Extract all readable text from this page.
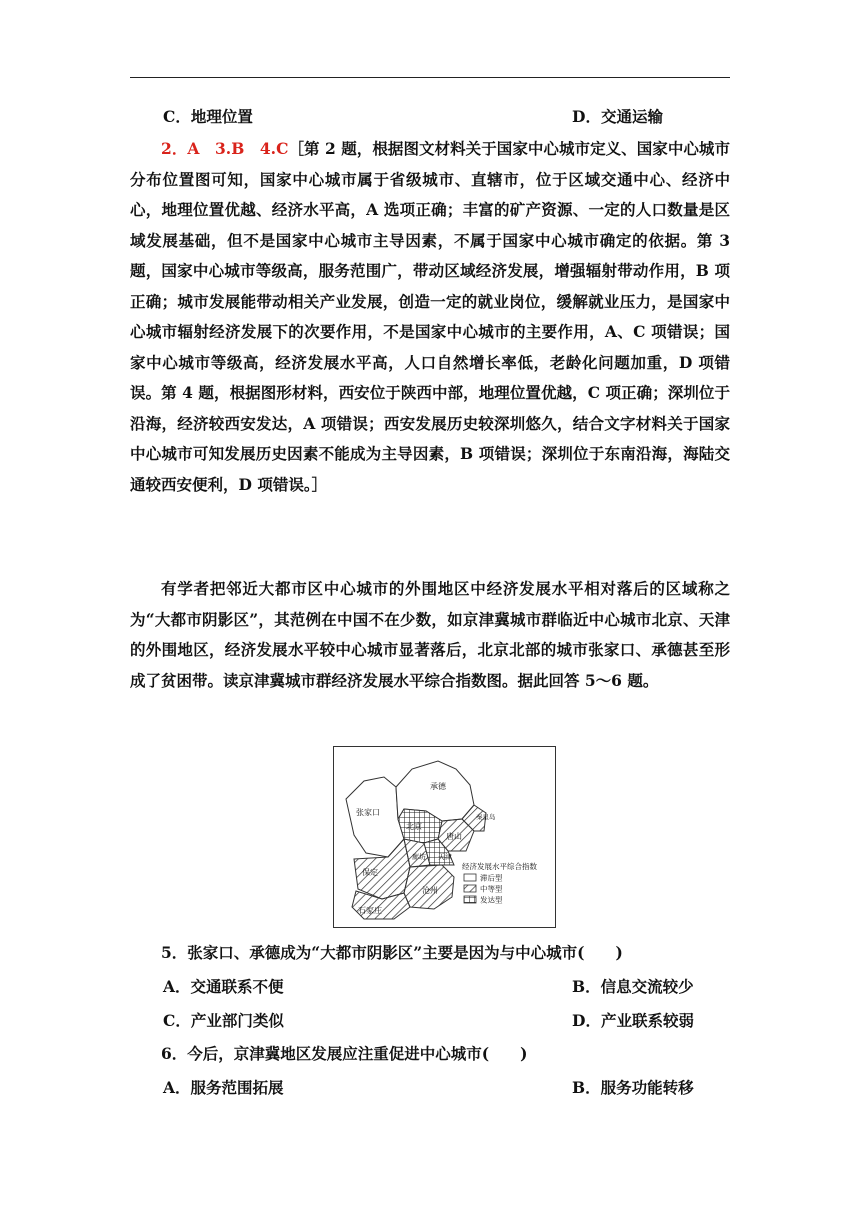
C．地理位置	D．交通运输
2．A　3.B　4.C［第 2 题，根据图文材料关于国家中心城市定义、国家中心城市分布位置图可知，国家中心城市属于省级城市、直辖市，位于区域交通中心、经济中心，地理位置优越、经济水平高，A 选项正确；丰富的矿产资源、一定的人口数量是区域发展基础，但不是国家中心城市主导因素，不属于国家中心城市确定的依据。第 3 题，国家中心城市等级高，服务范围广，带动区域经济发展，增强辐射带动作用，B 项正确；城市发展能带动相关产业发展，创造一定的就业岗位，缓解就业压力，是国家中心城市辐射经济发展下的次要作用，不是国家中心城市的主要作用，A、C 项错误；国家中心城市等级高，经济发展水平高，人口自然增长率低，老龄化问题加重，D 项错误。第 4 题，根据图形材料，西安位于陕西中部，地理位置优越，C 项正确；深圳位于沿海，经济较西安发达，A 项错误；西安发展历史较深圳悠久，结合文字材料关于国家中心城市可知发展历史因素不能成为主导因素，B 项错误；深圳位于东南沿海，海陆交通较西安便利，D 项错误。］
有学者把邻近大都市区中心城市的外围地区中经济发展水平相对落后的区域称之为“大都市阴影区”，其范例在中国不在少数，如京津冀城市群临近中心城市北京、天津的外围地区，经济发展水平较中心城市显著落后，北京北部的城市张家口、承德甚至形成了贫困带。读京津冀城市群经济发展水平综合指数图。据此回答 5～6 题。
张家口
承德
北京
唐山
秦皇岛
廊坊 天津
保定
沧州
石家庄
经济发展水平综合指数
滞后型
中等型
发达型
5．张家口、承德成为“大都市阴影区”主要是因为与中心城市(　　)
A．交通联系不便	B．信息交流较少
C．产业部门类似	D．产业联系较弱
6．今后，京津冀地区发展应注重促进中心城市(　　)
A．服务范围拓展	B．服务功能转移
